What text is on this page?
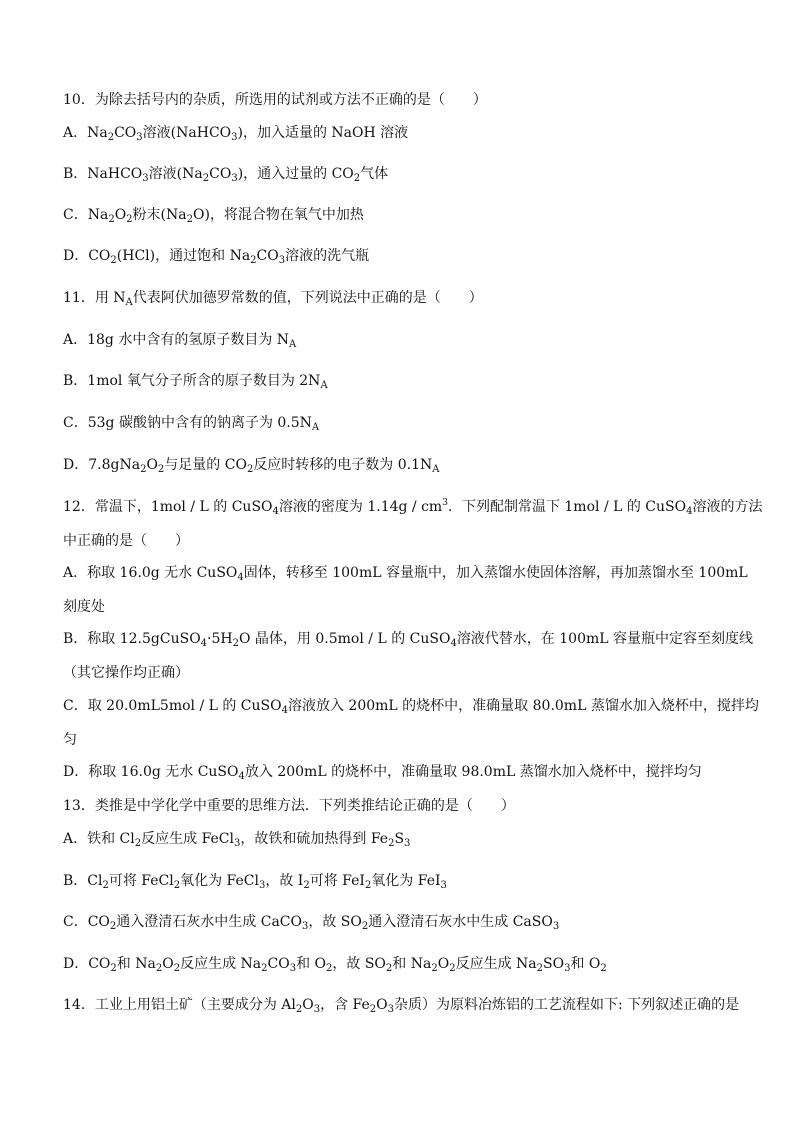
10．为除去括号内的杂质，所选用的试剂或方法不正确的是（　　）
A．$Na_2CO_3$溶液(NaHCO$_3$)，加入适量的 NaOH 溶液
B．NaHCO$_3$溶液$(Na_2CO_3)$，通入过量的 $CO_2$气体
C．$Na_2O_2$粉末$(Na_2O)$，将混合物在氧气中加热
D．$CO_2(HCl)$，通过饱和 $Na_2CO_3$溶液的洗气瓶
11．用 $N_A$代表阿伏加德罗常数的值，下列说法中正确的是（　　）
A．18g 水中含有的氢原子数目为 $N_A$
B．1mol 氧气分子所含的原子数目为 $2N_A$
C．53g 碳酸钠中含有的钠离子为 $0.5N_A$
D．$7.8gNa_2O_2$与足量的 $CO_2$反应时转移的电子数为 $0.1N_A$
12．常温下，1mol / L 的 CuSO$_4$溶液的密度为 $1.14g / cm^3$．下列配制常温下 1mol / L 的 CuSO$_4$溶液的方法
中正确的是（　　）
A．称取 16.0g 无水 CuSO$_4$固体，转移至 100mL 容量瓶中，加入蒸馏水使固体溶解，再加蒸馏水至 100mL
刻度处
B．称取 $12.5gCuSO_4\cdot 5H_2O$ 晶体，用 0.5mol / L 的 CuSO$_4$溶液代替水，在 100mL 容量瓶中定容至刻度线
（其它操作均正确）
C．取 20.0mL5mol / L 的 CuSO$_4$溶液放入 200mL 的烧杯中，准确量取 80.0mL 蒸馏水加入烧杯中，搅拌均
匀
D．称取 16.0g 无水 CuSO$_4$放入 200mL 的烧杯中，准确量取 98.0mL 蒸馏水加入烧杯中，搅拌均匀
13．类推是中学化学中重要的思维方法．下列类推结论正确的是（　　）
A．铁和 $Cl_2$反应生成 FeCl$_3$，故铁和硫加热得到 $Fe_2S_3$
B．$Cl_2$可将 FeCl$_2$氧化为 FeCl$_3$，故 $I_2$可将 FeI$_2$氧化为 FeI$_3$
C．$CO_2$通入澄清石灰水中生成 CaCO$_3$，故 $SO_2$通入澄清石灰水中生成 CaSO$_3$
D．$CO_2$和 $Na_2O_2$反应生成 $Na_2CO_3$和 $O_2$，故 $SO_2$和 $Na_2O_2$反应生成 $Na_2SO_3$和 $O_2$
14．工业上用铝土矿（主要成分为 $Al_2O_3$，含 $Fe_2O_3$杂质）为原料冶炼铝的工艺流程如下: 下列叙述正确的是
